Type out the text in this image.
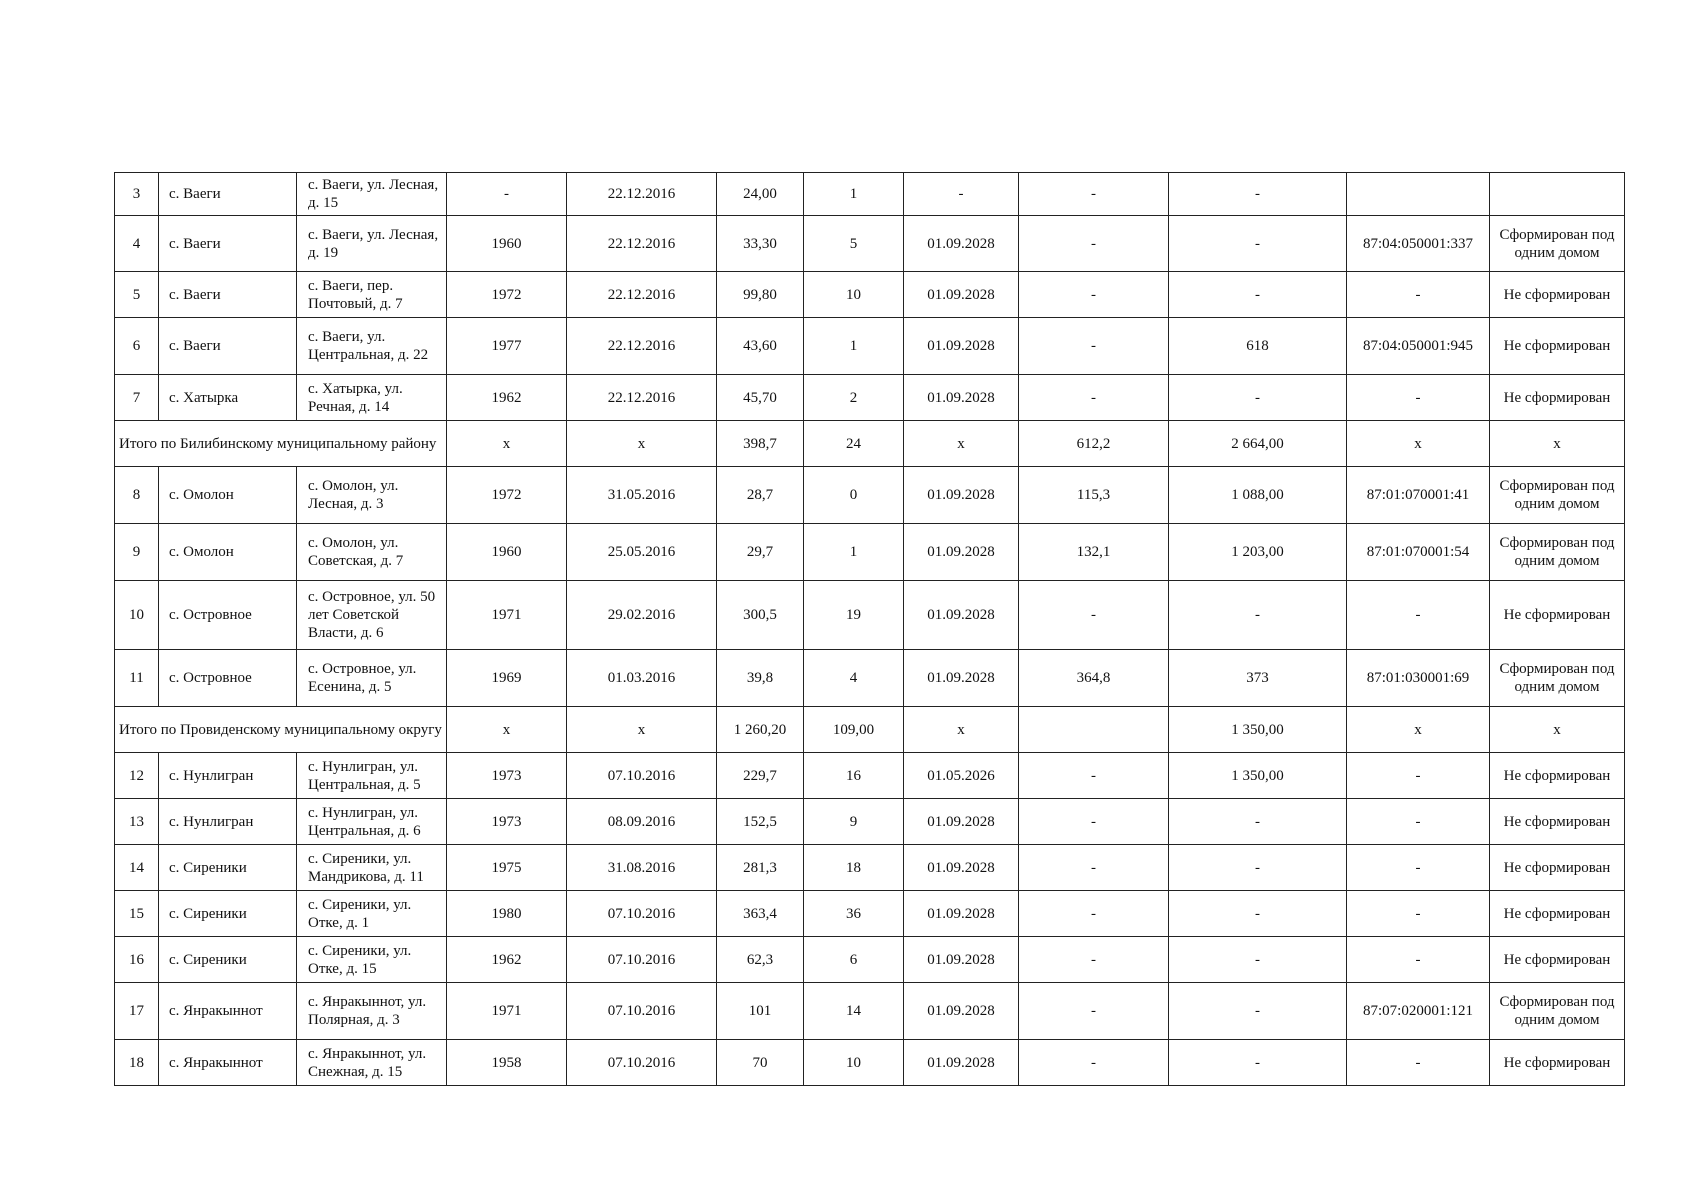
3	с. Ваеги	с. Ваеги, ул. Лесная, д. 15	-	22.12.2016	24,00	1	-	-	-		
4	с. Ваеги	с. Ваеги, ул. Лесная, д. 19	1960	22.12.2016	33,30	5	01.09.2028	-	-	87:04:050001:337	Сформирован под одним домом
5	с. Ваеги	с. Ваеги, пер. Почтовый, д. 7	1972	22.12.2016	99,80	10	01.09.2028	-	-	-	Не сформирован
6	с. Ваеги	с. Ваеги, ул. Центральная, д. 22	1977	22.12.2016	43,60	1	01.09.2028	-	618	87:04:050001:945	Не сформирован
7	с. Хатырка	с. Хатырка, ул. Речная, д. 14	1962	22.12.2016	45,70	2	01.09.2028	-	-	-	Не сформирован
Итого по Билибинскому муниципальному району			x	x	398,7	24	x	612,2	2 664,00	x	x
8	с. Омолон	с. Омолон, ул. Лесная, д. 3	1972	31.05.2016	28,7	0	01.09.2028	115,3	1 088,00	87:01:070001:41	Сформирован под одним домом
9	с. Омолон	с. Омолон, ул. Советская, д. 7	1960	25.05.2016	29,7	1	01.09.2028	132,1	1 203,00	87:01:070001:54	Сформирован под одним домом
10	с. Островное	с. Островное, ул. 50 лет Советской Власти, д. 6	1971	29.02.2016	300,5	19	01.09.2028	-	-	-	Не сформирован
11	с. Островное	с. Островное, ул. Есенина, д. 5	1969	01.03.2016	39,8	4	01.09.2028	364,8	373	87:01:030001:69	Сформирован под одним домом
Итого по Провиденскому муниципальному округу			x	x	1 260,20	109,00	x		1 350,00	x	x
12	с. Нунлигран	с. Нунлигран, ул. Центральная, д. 5	1973	07.10.2016	229,7	16	01.05.2026	-	1 350,00	-	Не сформирован
13	с. Нунлигран	с. Нунлигран, ул. Центральная, д. 6	1973	08.09.2016	152,5	9	01.09.2028	-	-	-	Не сформирован
14	с. Сиреники	с. Сиреники, ул. Мандрикова, д. 11	1975	31.08.2016	281,3	18	01.09.2028	-	-	-	Не сформирован
15	с. Сиреники	с. Сиреники, ул. Отке, д. 1	1980	07.10.2016	363,4	36	01.09.2028	-	-	-	Не сформирован
16	с. Сиреники	с. Сиреники, ул. Отке, д. 15	1962	07.10.2016	62,3	6	01.09.2028	-	-	-	Не сформирован
17	с. Янракыннот	с. Янракыннот, ул. Полярная, д. 3	1971	07.10.2016	101	14	01.09.2028	-	-	87:07:020001:121	Сформирован под одним домом
18	с. Янракыннот	с. Янракыннот, ул. Снежная, д. 15	1958	07.10.2016	70	10	01.09.2028	-	-	-	Не сформирован
